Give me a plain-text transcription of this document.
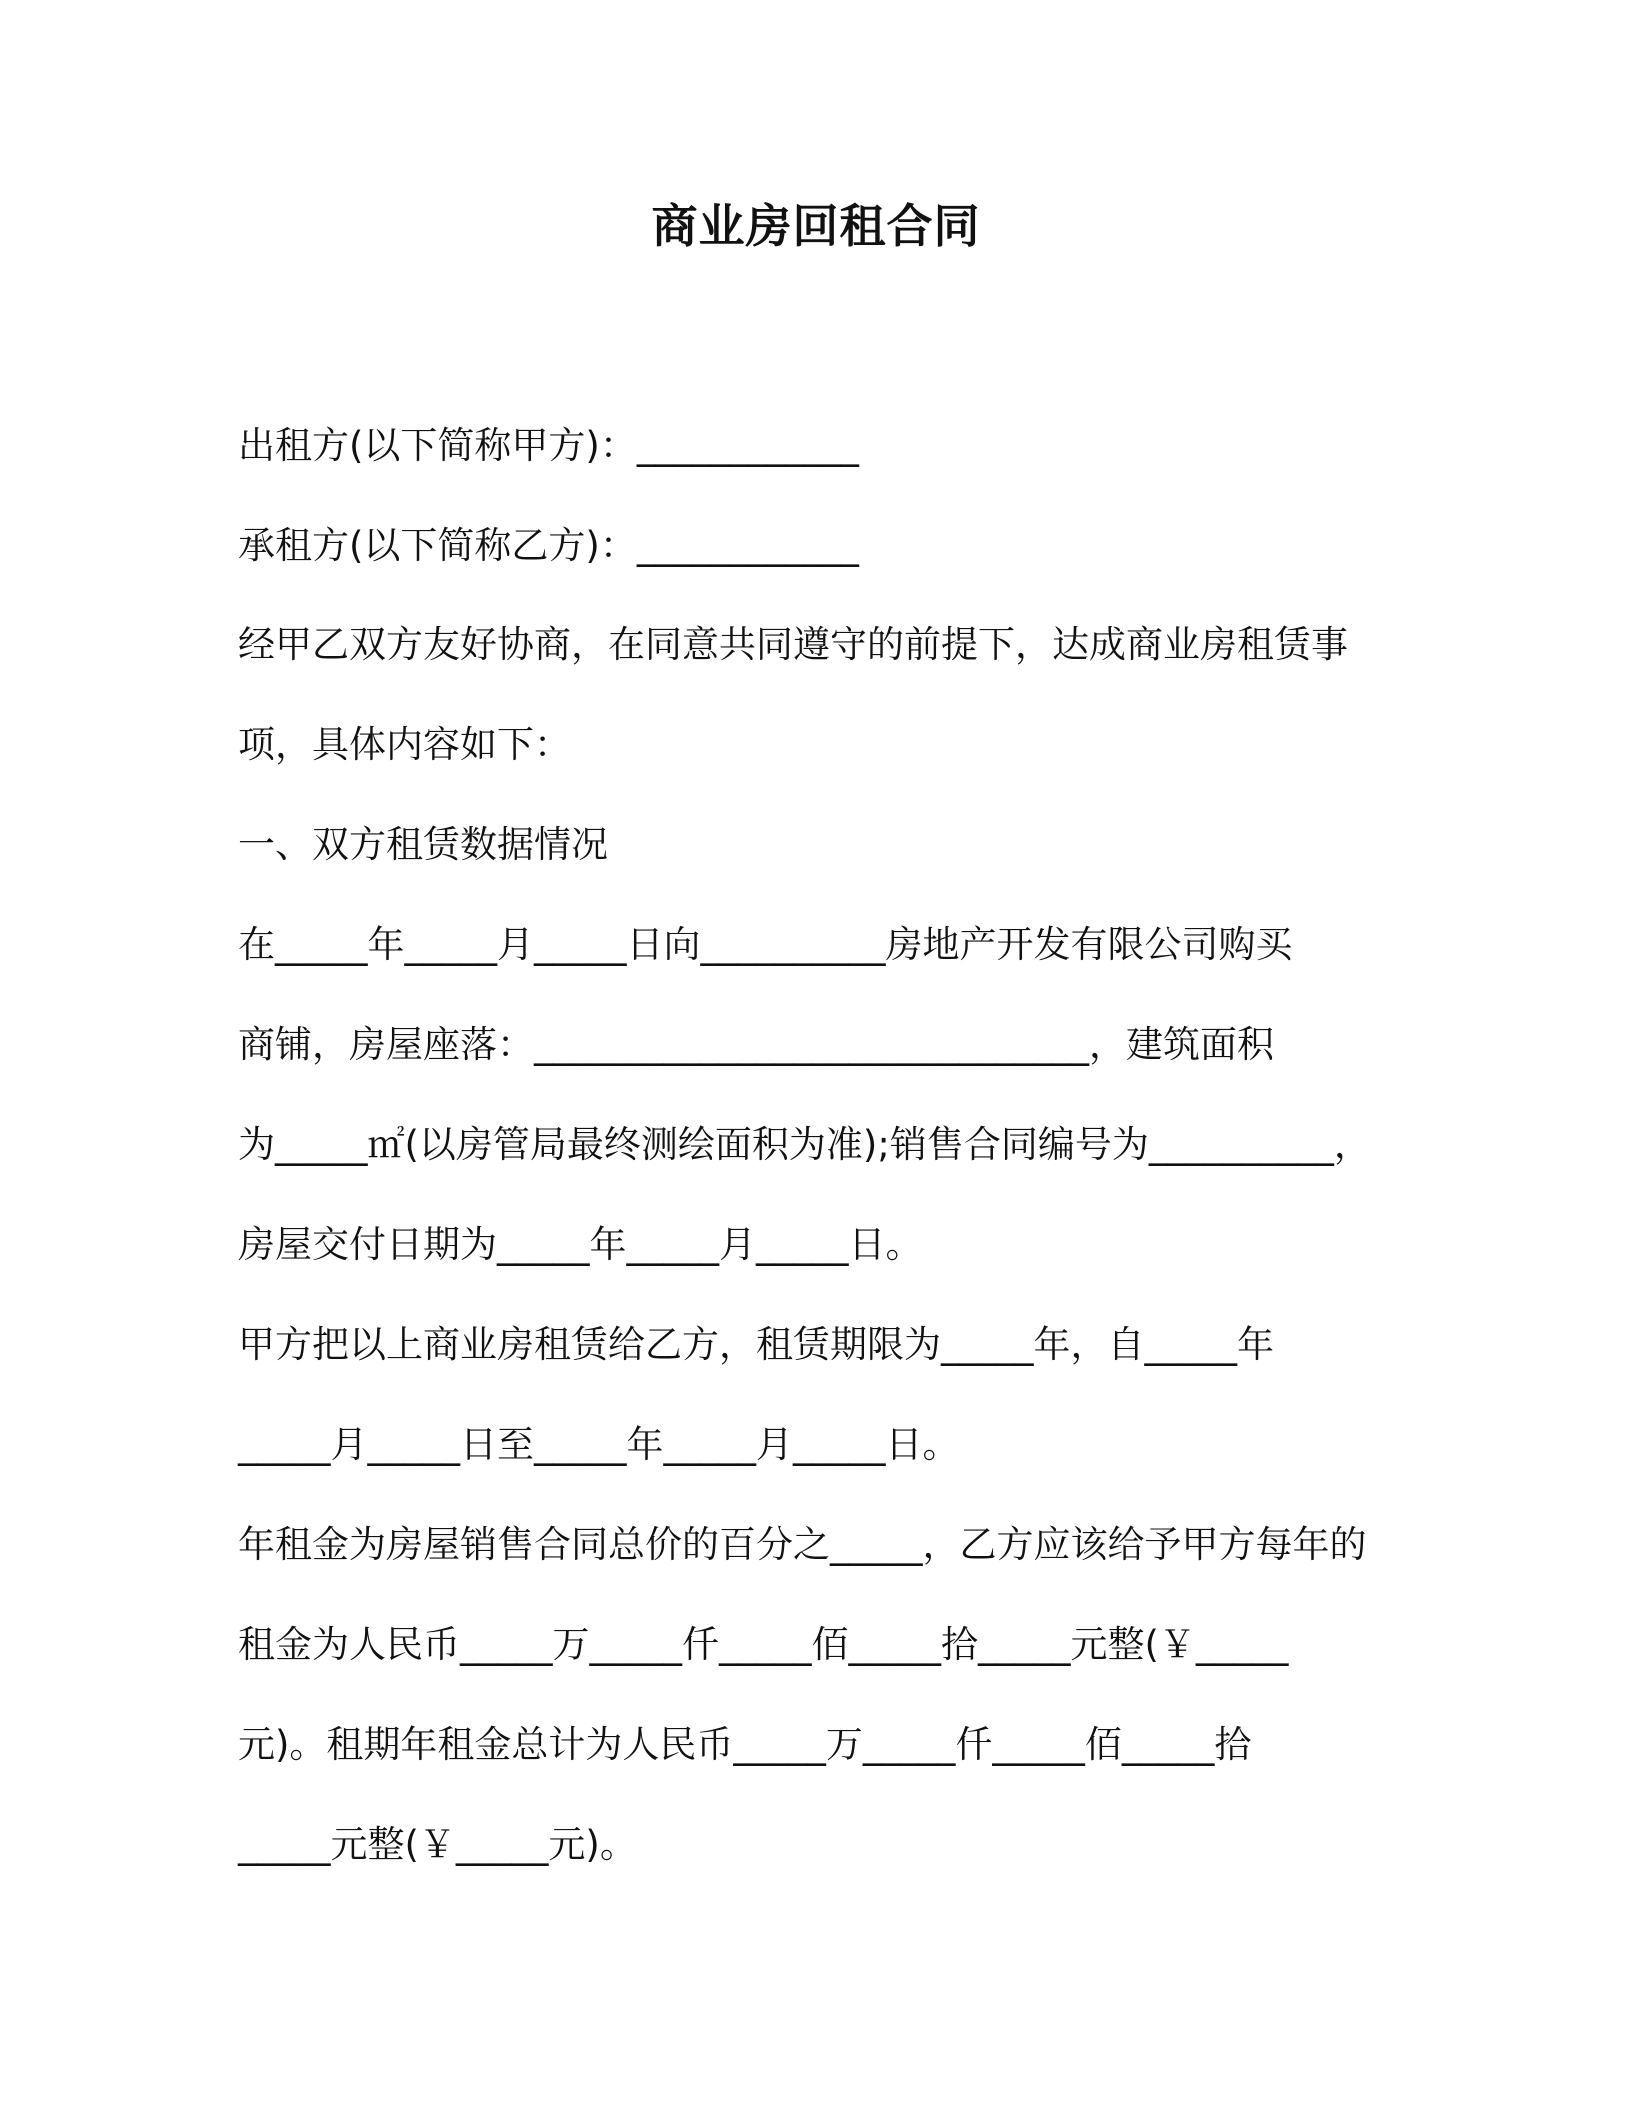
商业房回租合同
出租方(以下简称甲方)：____________
承租方(以下简称乙方)：____________
经甲乙双方友好协商，在同意共同遵守的前提下，达成商业房租赁事
项，具体内容如下：
一、双方租赁数据情况
在_____年_____月_____日向__________房地产开发有限公司购买
商铺，房屋座落：______________________________，建筑面积
为_____㎡(以房管局最终测绘面积为准);销售合同编号为__________，
房屋交付日期为_____年_____月_____日。
甲方把以上商业房租赁给乙方，租赁期限为_____年，自_____年
_____月_____日至_____年_____月_____日。
年租金为房屋销售合同总价的百分之_____，乙方应该给予甲方每年的
租金为人民币_____万_____仟_____佰_____拾_____元整(￥_____
元)。租期年租金总计为人民币_____万_____仟_____佰_____拾
_____元整(￥_____元)。
